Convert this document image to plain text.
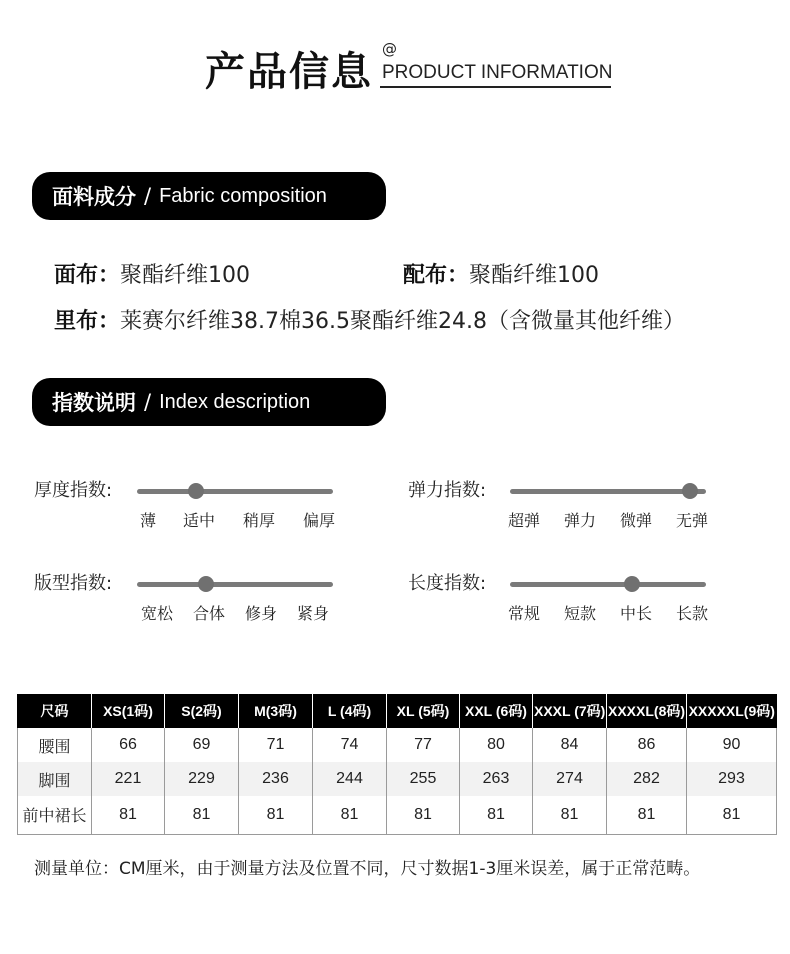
产品信息 @
PRODUCT INFORMATION
面料成分 / Fabric composition
面布：聚酯纤维100	配布：聚酯纤维100
里布：莱赛尔纤维38.7棉36.5聚酯纤维24.8（含微量其他纤维）
指数说明 / Index description
厚度指数:
薄 适中 稍厚 偏厚
弹力指数:
超弹 弹力 微弹 无弹
版型指数:
宽松 合体 修身 紧身
长度指数:
常规 短款 中长 长款
尺码	XS(1码)	S(2码)	M(3码)	L (4码)	XL (5码)	XXL (6码)	XXXL (7码)	XXXXL(8码)	XXXXXL(9码)
腰围	66	69	71	74	77	80	84	86	90
脚围	221	229	236	244	255	263	274	282	293
前中裙长	81	81	81	81	81	81	81	81	81
测量单位：CM厘米，由于测量方法及位置不同，尺寸数据1-3厘米误差，属于正常范畴。
